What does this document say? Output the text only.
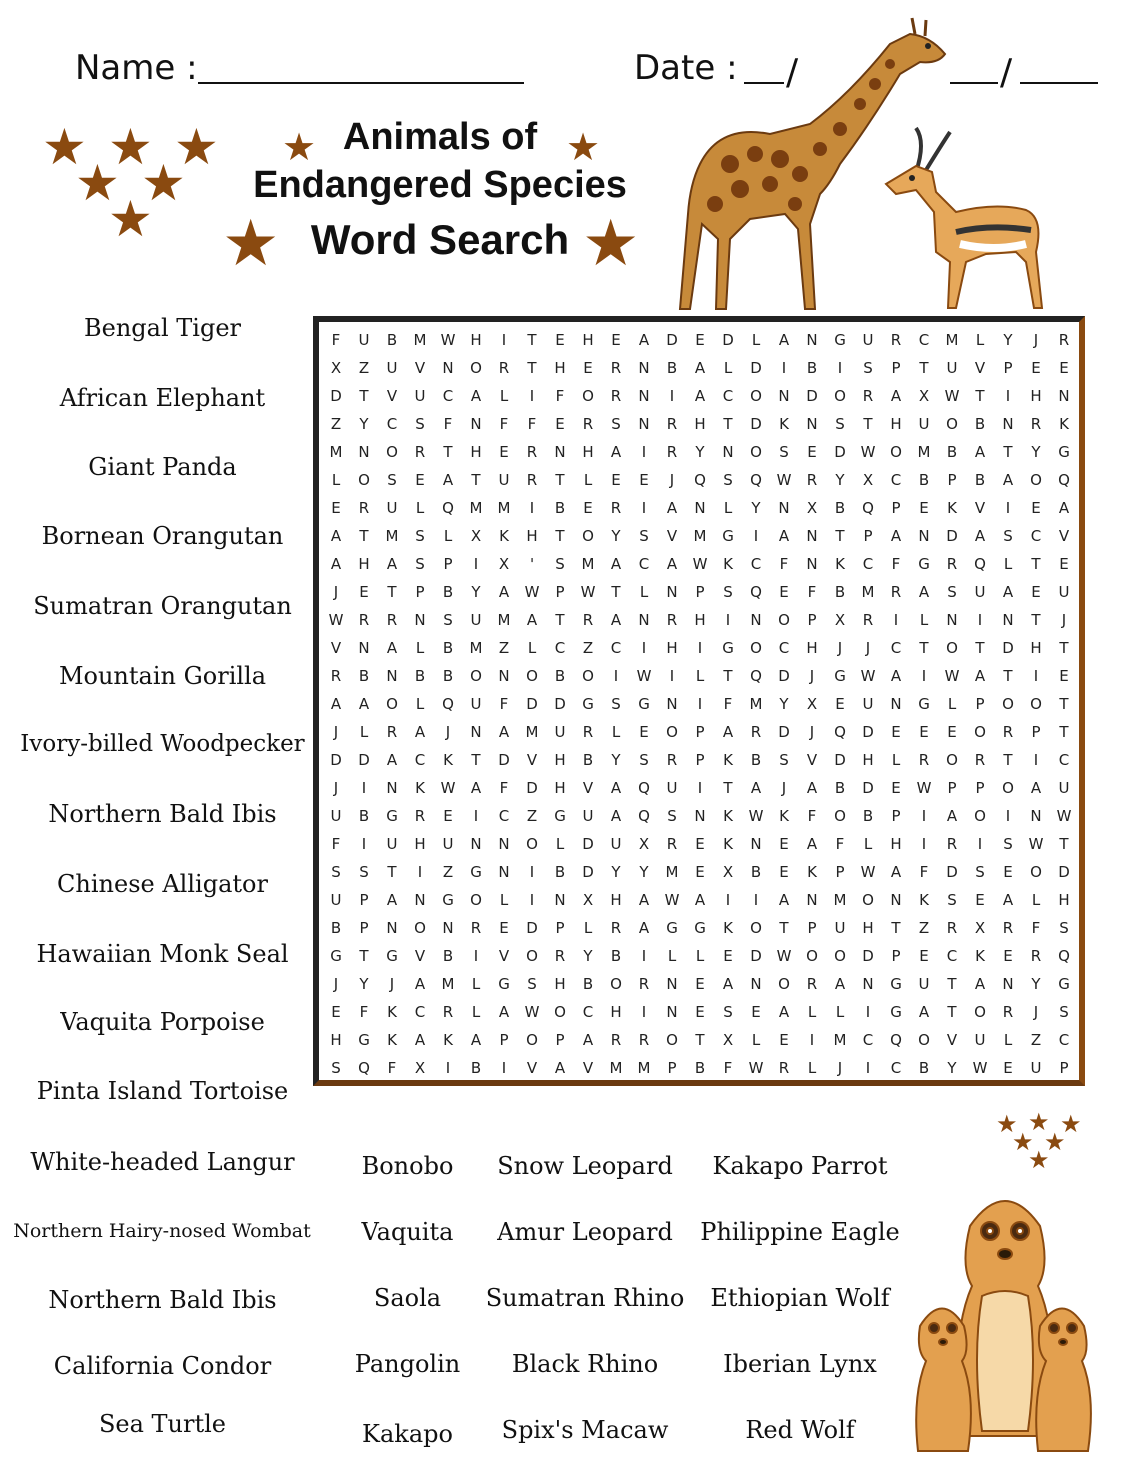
Name :	Date : /	/
★ ★ ★
★ ★
★
★ Animals of ★
Endangered Species
★ Word Search ★
F	U	B	M W H	I	T	E	H	E	A	D	E	D	L	A	N	G	U	R	C	M	L	Y	J	R
X	Z	U	V	N	O	R	T	H	E	R	N	B	A	L	D	I	B	I	S	P	T	U	V	P	E	E
D	T	V	U	C	A	L	I	F	O	R	N	I	A	C	O	N	D	O	R	A	X	W	T	I	H	N
Z	Y	C	S	F	N	F	F	E	R	S	N	R	H	T	D	K	N	S	T	H	U	O	B	N	R	K
M	N	O	R	T	H	E	R	N	H	A	I	R	Y	N	O	S	E	D W O	M	B	A	T	Y	G
L	O	S	E	A	T	U	R	T	L	E	E	J	Q	S	Q W	R	Y	X	C	B	P	B	A	O	Q
E	R	U	L	Q	M	M	I	B	E	R	I	A	N	L	Y	N	X	B	Q	P	E	K	V	I	E	A
A	T	M	S	L	X	K	H	T	O	Y	S	V	M	G	I	A	N	T	P	A	N	D	A	S	C	V
A	H	A	S	P	I	X	'	S	M	A	C	A	W	K	C	F	N	K	C	F	G	R	Q	L	T	E
J	E	T	P	B	Y	A	W	P	W	T	L	N	P	S	Q	E	F	B	M	R	A	S	U	A	E	U
W	R	R	N	S	U	M	A	T	R	A	N	R	H	I	N	O	P	X	R	I	L	N	I	N	T	J
V	N	A	L	B	M	Z	L	C	Z	C	I	H	I	G	O	C	H	J	J	C	T	O	T	D	H	T
R	B	N	B	B	O	N	O	B	O	I	W	I	L	T	Q	D	J	G W	A	I	W	A	T	I	E
A	A	O	L	Q	U	F	D	D	G	S	G	N	I	F	M	Y	X	E	U	N	G	L	P	O	O	T
J	L	R	A	J	N	A	M	U	R	L	E	O	P	A	R	D	J	Q	D	E	E	E	O	R	P	T
D	D	A	C	K	T	D	V	H	B	Y	S	R	P	K	B	S	V	D	H	L	R	O	R	T	I	C
J	I	N	K	W	A	F	D	H	V	A	Q	U	I	T	A	J	A	B	D	E	W	P	P	O	A	U
U	B	G	R	E	I	C	Z	G	U	A	Q	S	N	K	W	K	F	O	B	P	I	A	O	I	N W
F	I	U	H	U	N	N	O	L	D	U	X	R	E	K	N	E	A	F	L	H	I	R	I	S	W	T
S	S	T	I	Z	G	N	I	B	D	Y	Y	M	E	X	B	E	K	P	W	A	F	D	S	E	O	D
U	P	A	N	G	O	L	I	N	X	H	A	W	A	I	I	A	N	M	O	N	K	S	E	A	L	H
B	P	N	O	N	R	E	D	P	L	R	A	G	G	K	O	T	P	U	H	T	Z	R	X	R	F	S
G	T	G	V	B	I	V	O	R	Y	B	I	L	L	E	D W O	O	D	P	E	C	K	E	R	Q
J	Y	J	A	M	L	G	S	H	B	O	R	N	E	A	N	O	R	A	N	G	U	T	A	N	Y	G
E	F	K	C	R	L	A	W O	C	H	I	N	E	S	E	A	L	L	I	G	A	T	O	R	J	S
H	G	K	A	K	A	P	O	P	A	R	R	O	T	X	L	E	I	M	C	Q	O	V	U	L	Z	C
S	Q	F	X	I	B	I	V	A	V	M	M	P	B	F	W	R	L	J	I	C	B	Y	W	E	U	P
Bengal Tiger
African Elephant
Giant Panda
Bornean Orangutan
Sumatran Orangutan
Mountain Gorilla
Ivory-billed Woodpecker
Northern Bald Ibis
Chinese Alligator
Hawaiian Monk Seal
Vaquita Porpoise
Pinta Island Tortoise
White-headed Langur
Northern Hairy-nosed Wombat
Northern Bald Ibis
California Condor
Sea Turtle
Bonobo
Vaquita
Saola
Pangolin
Kakapo
Snow Leopard
Amur Leopard
Sumatran Rhino
Black Rhino
Spix's Macaw
Kakapo Parrot
Philippine Eagle
Ethiopian Wolf
Iberian Lynx
Red Wolf
★ ★ ★
★ ★
★
